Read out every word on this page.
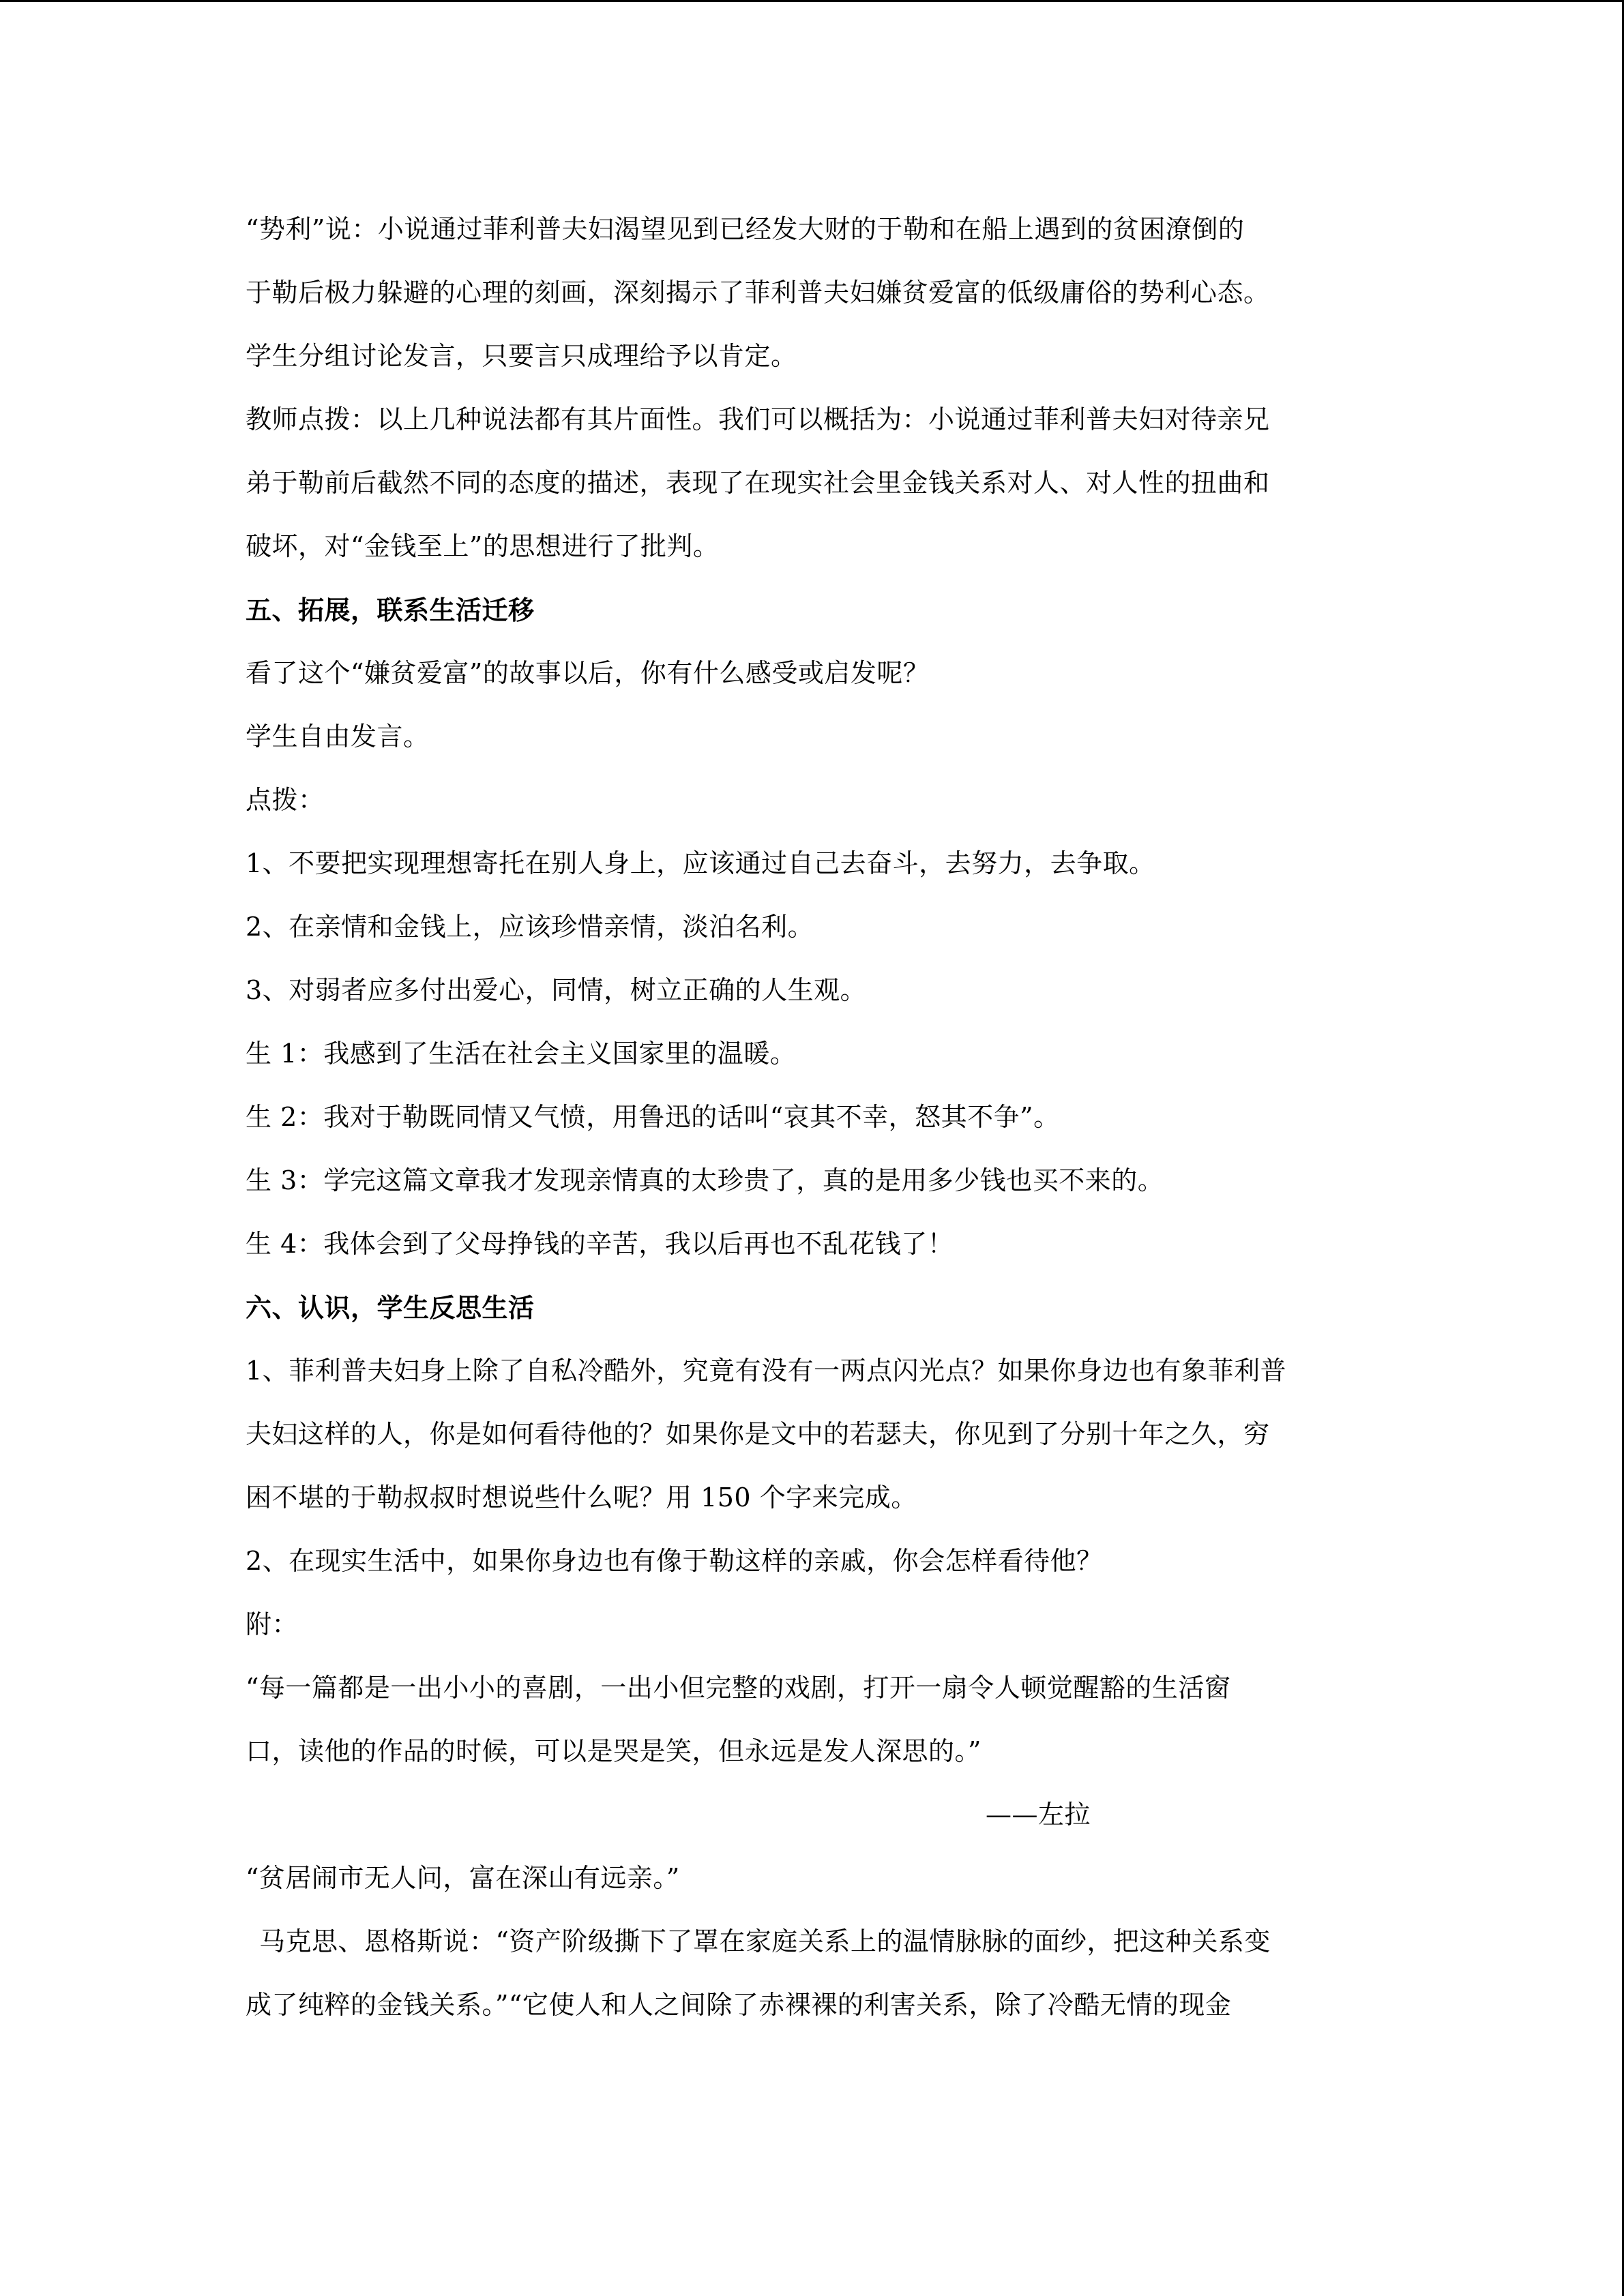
“势利”说：小说通过菲利普夫妇渴望见到已经发大财的于勒和在船上遇到的贫困潦倒的
于勒后极力躲避的心理的刻画，深刻揭示了菲利普夫妇嫌贫爱富的低级庸俗的势利心态。
学生分组讨论发言，只要言只成理给予以肯定。
教师点拨：以上几种说法都有其片面性。我们可以概括为：小说通过菲利普夫妇对待亲兄
弟于勒前后截然不同的态度的描述，表现了在现实社会里金钱关系对人、对人性的扭曲和
破坏，对“金钱至上”的思想进行了批判。
五、拓展，联系生活迁移
看了这个“嫌贫爱富”的故事以后，你有什么感受或启发呢？
学生自由发言。
点拨：
1、不要把实现理想寄托在别人身上，应该通过自己去奋斗，去努力，去争取。
2、在亲情和金钱上，应该珍惜亲情，淡泊名利。
3、对弱者应多付出爱心，同情，树立正确的人生观。
生 1：我感到了生活在社会主义国家里的温暖。
生 2：我对于勒既同情又气愤，用鲁迅的话叫“哀其不幸，怒其不争”。
生 3：学完这篇文章我才发现亲情真的太珍贵了，真的是用多少钱也买不来的。
生 4：我体会到了父母挣钱的辛苦，我以后再也不乱花钱了！
六、认识，学生反思生活
1、菲利普夫妇身上除了自私冷酷外，究竟有没有一两点闪光点？如果你身边也有象菲利普
夫妇这样的人，你是如何看待他的？如果你是文中的若瑟夫，你见到了分别十年之久，穷
困不堪的于勒叔叔时想说些什么呢？用 150 个字来完成。
2、在现实生活中，如果你身边也有像于勒这样的亲戚，你会怎样看待他？
附：
“每一篇都是一出小小的喜剧，一出小但完整的戏剧，打开一扇令人顿觉醒豁的生活窗
口，读他的作品的时候，可以是哭是笑，但永远是发人深思的。”
——左拉
“贫居闹市无人问，富在深山有远亲。”
马克思、恩格斯说：“资产阶级撕下了罩在家庭关系上的温情脉脉的面纱，把这种关系变
成了纯粹的金钱关系。”“它使人和人之间除了赤裸裸的利害关系，除了冷酷无情的现金
